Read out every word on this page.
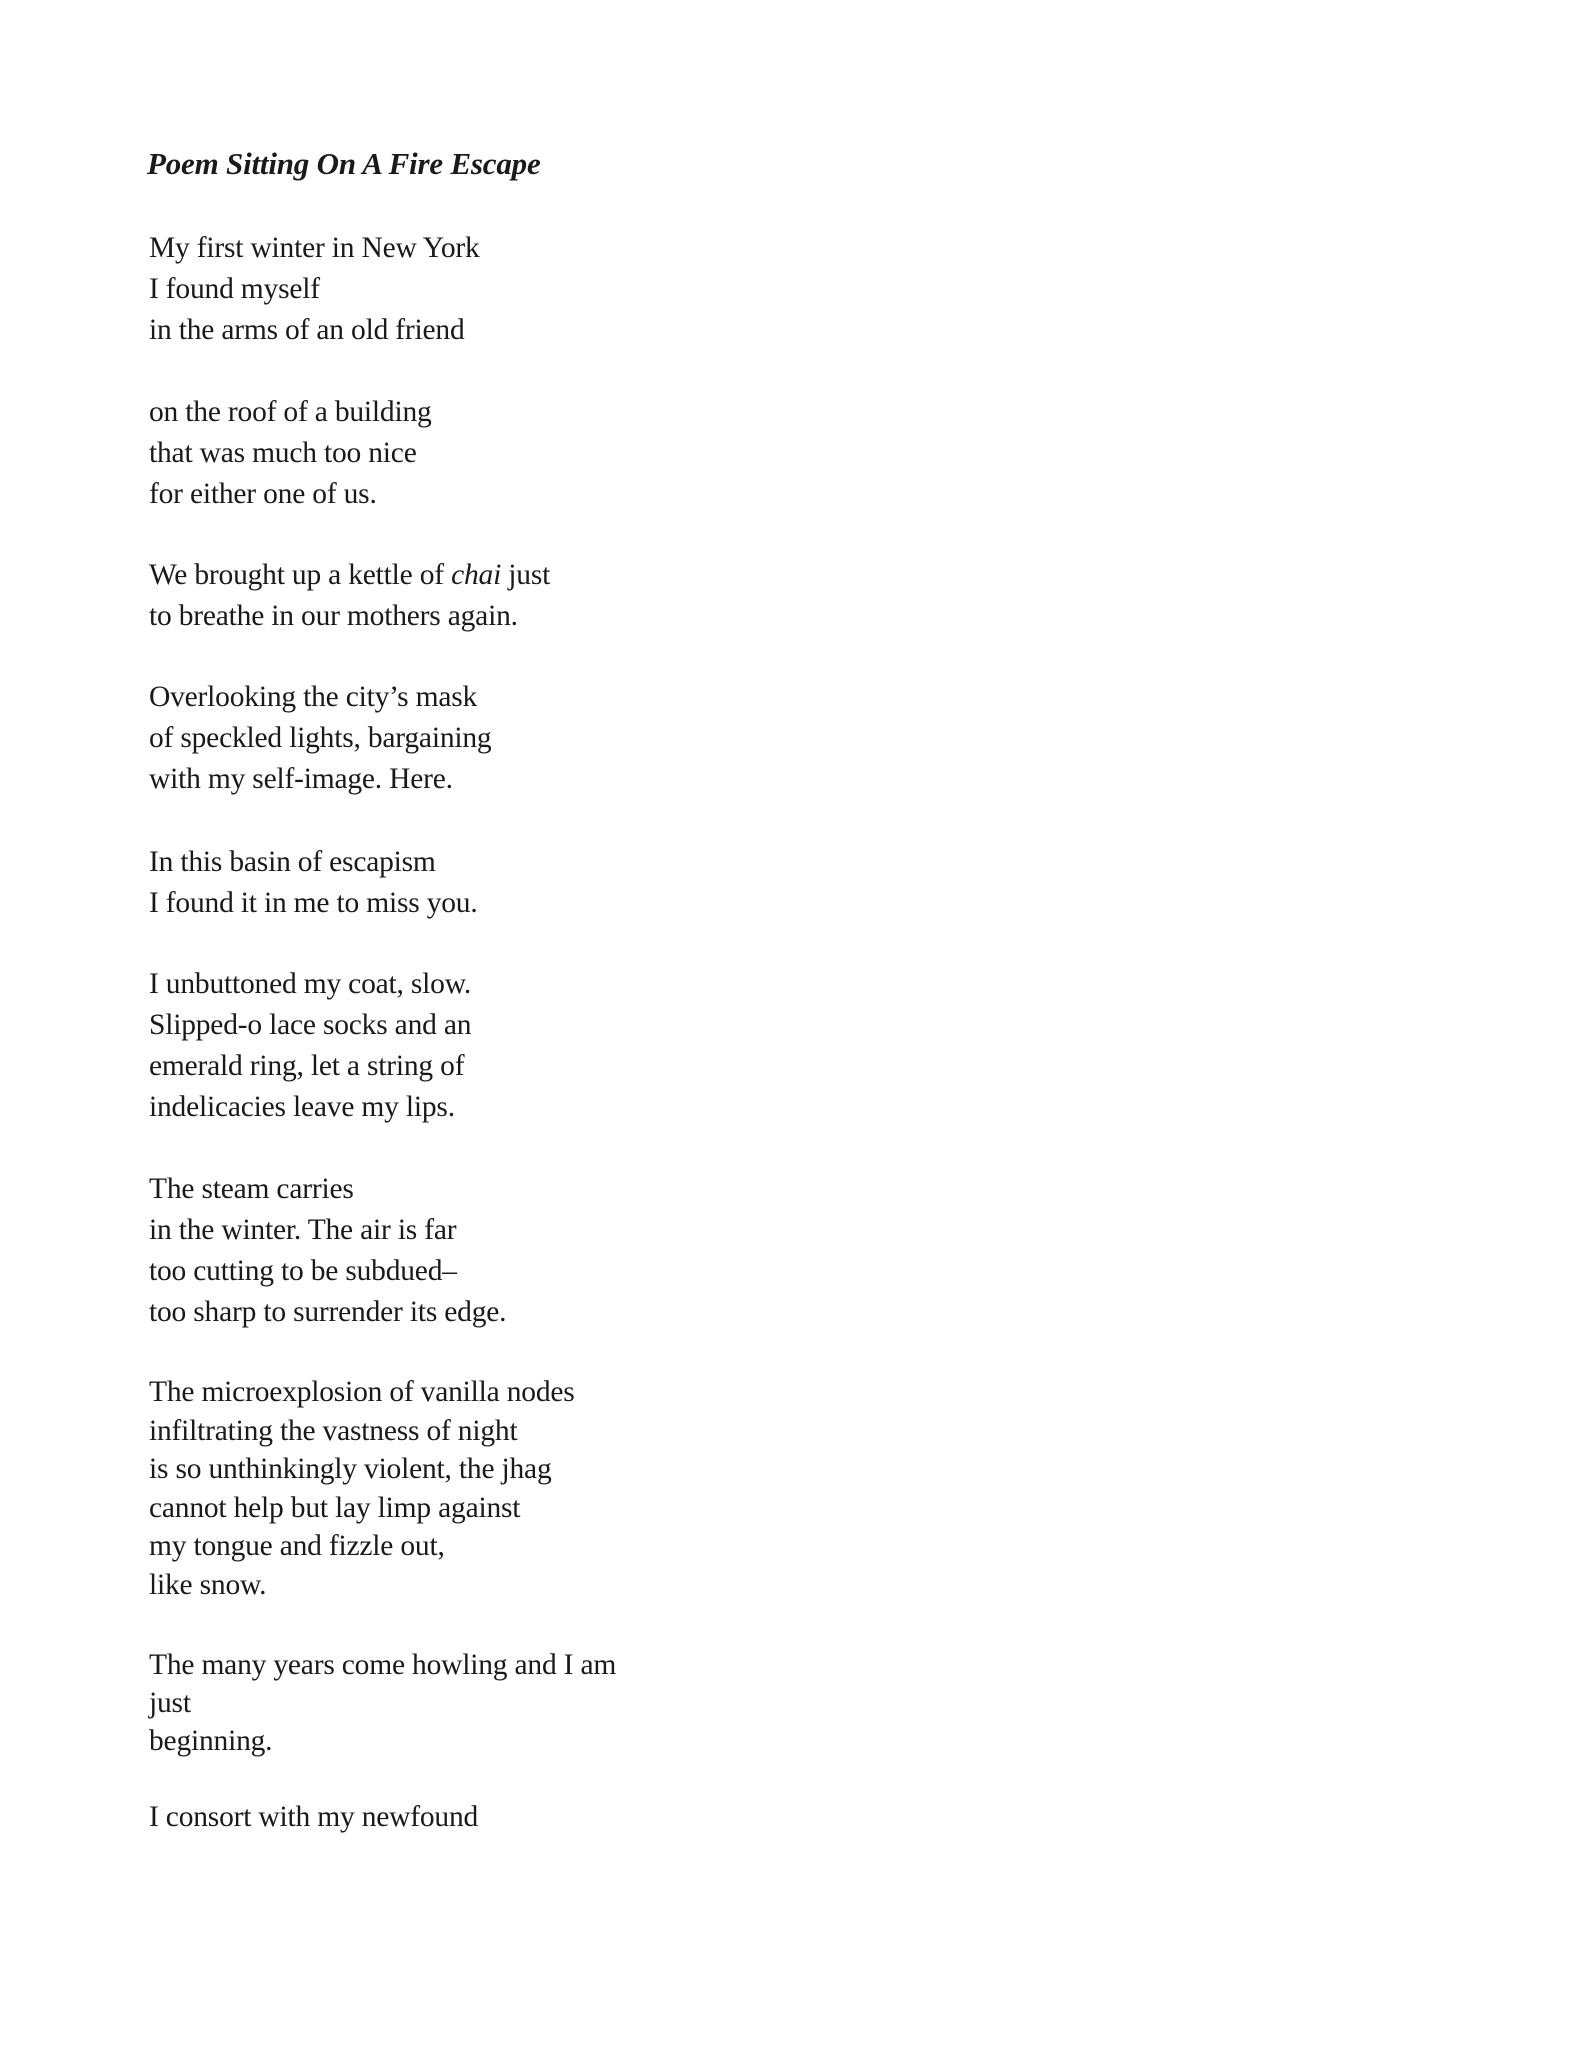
Poem Sitting On A Fire Escape
My first winter in New York
I found myself
in the arms of an old friend
on the roof of a building
that was much too nice
for either one of us.
We brought up a kettle of chai just
to breathe in our mothers again.
Overlooking the city’s mask
of speckled lights, bargaining
with my self-image. Here.
In this basin of escapism
I found it in me to miss you.
I unbuttoned my coat, slow.
Slipped-o lace socks and an
emerald ring, let a string of
indelicacies leave my lips.
The steam carries
in the winter. The air is far
too cutting to be subdued–
too sharp to surrender its edge.
The microexplosion of vanilla nodes
infiltrating the vastness of night
is so unthinkingly violent, the jhag
cannot help but lay limp against
my tongue and fizzle out,
like snow.
The many years come howling and I am
just
beginning.
I consort with my newfound
